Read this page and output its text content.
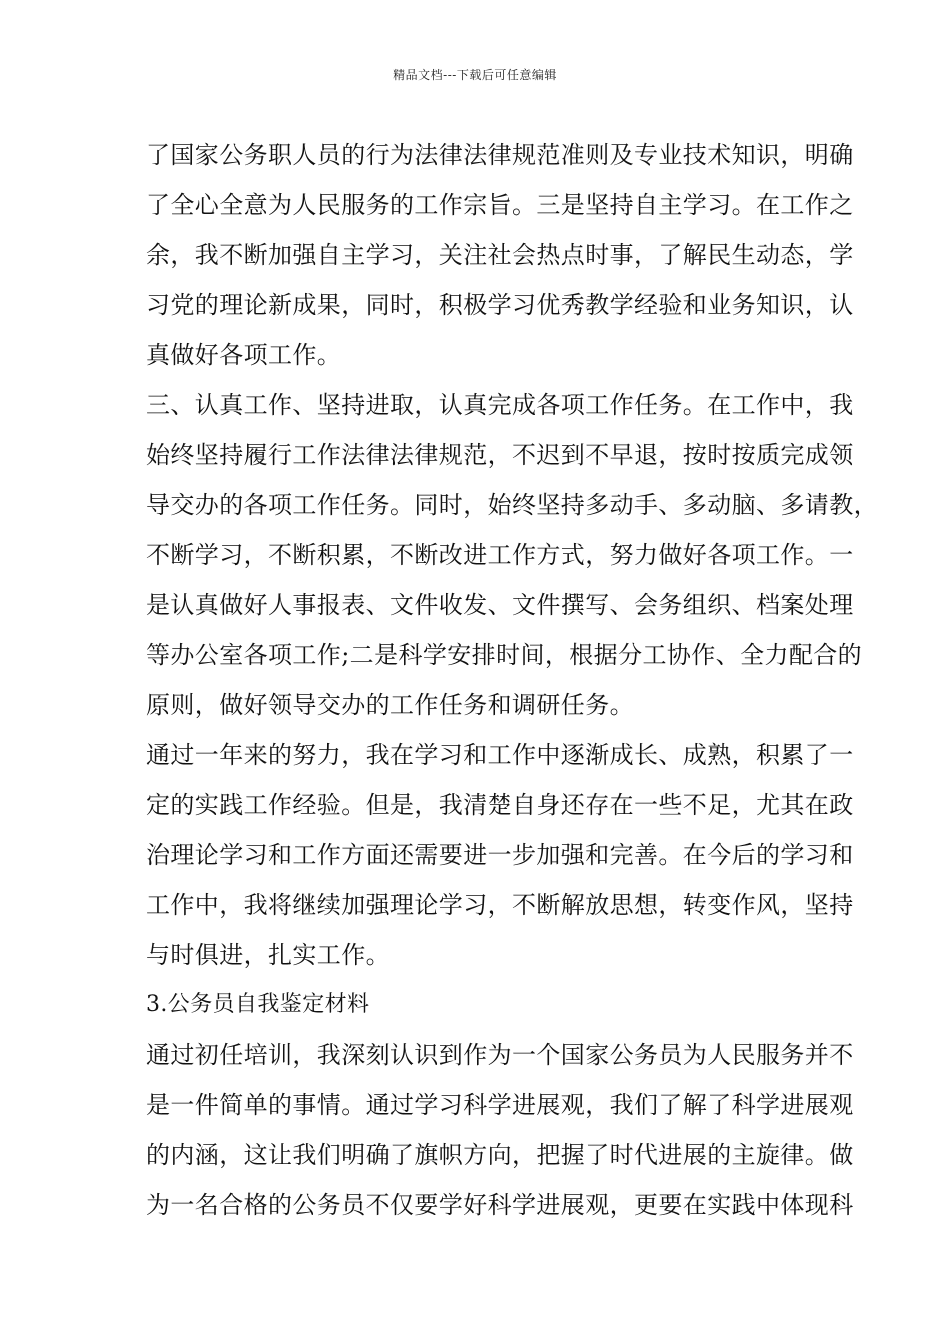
精品文档---下载后可任意编辑
了国家公务职人员的行为法律法律规范准则及专业技术知识，明确
了全心全意为人民服务的工作宗旨。三是坚持自主学习。在工作之
余，我不断加强自主学习，关注社会热点时事，了解民生动态，学
习党的理论新成果，同时，积极学习优秀教学经验和业务知识，认
真做好各项工作。
三、认真工作、坚持进取，认真完成各项工作任务。在工作中，我
始终坚持履行工作法律法律规范，不迟到不早退，按时按质完成领
导交办的各项工作任务。同时，始终坚持多动手、多动脑、多请教，
不断学习，不断积累，不断改进工作方式，努力做好各项工作。一
是认真做好人事报表、文件收发、文件撰写、会务组织、档案处理
等办公室各项工作;二是科学安排时间，根据分工协作、全力配合的
原则，做好领导交办的工作任务和调研任务。
通过一年来的努力，我在学习和工作中逐渐成长、成熟，积累了一
定的实践工作经验。但是，我清楚自身还存在一些不足，尤其在政
治理论学习和工作方面还需要进一步加强和完善。在今后的学习和
工作中，我将继续加强理论学习，不断解放思想，转变作风，坚持
与时俱进，扎实工作。
3.公务员自我鉴定材料
通过初任培训，我深刻认识到作为一个国家公务员为人民服务并不
是一件简单的事情。通过学习科学进展观，我们了解了科学进展观
的内涵，这让我们明确了旗帜方向，把握了时代进展的主旋律。做
为一名合格的公务员不仅要学好科学进展观，更要在实践中体现科
